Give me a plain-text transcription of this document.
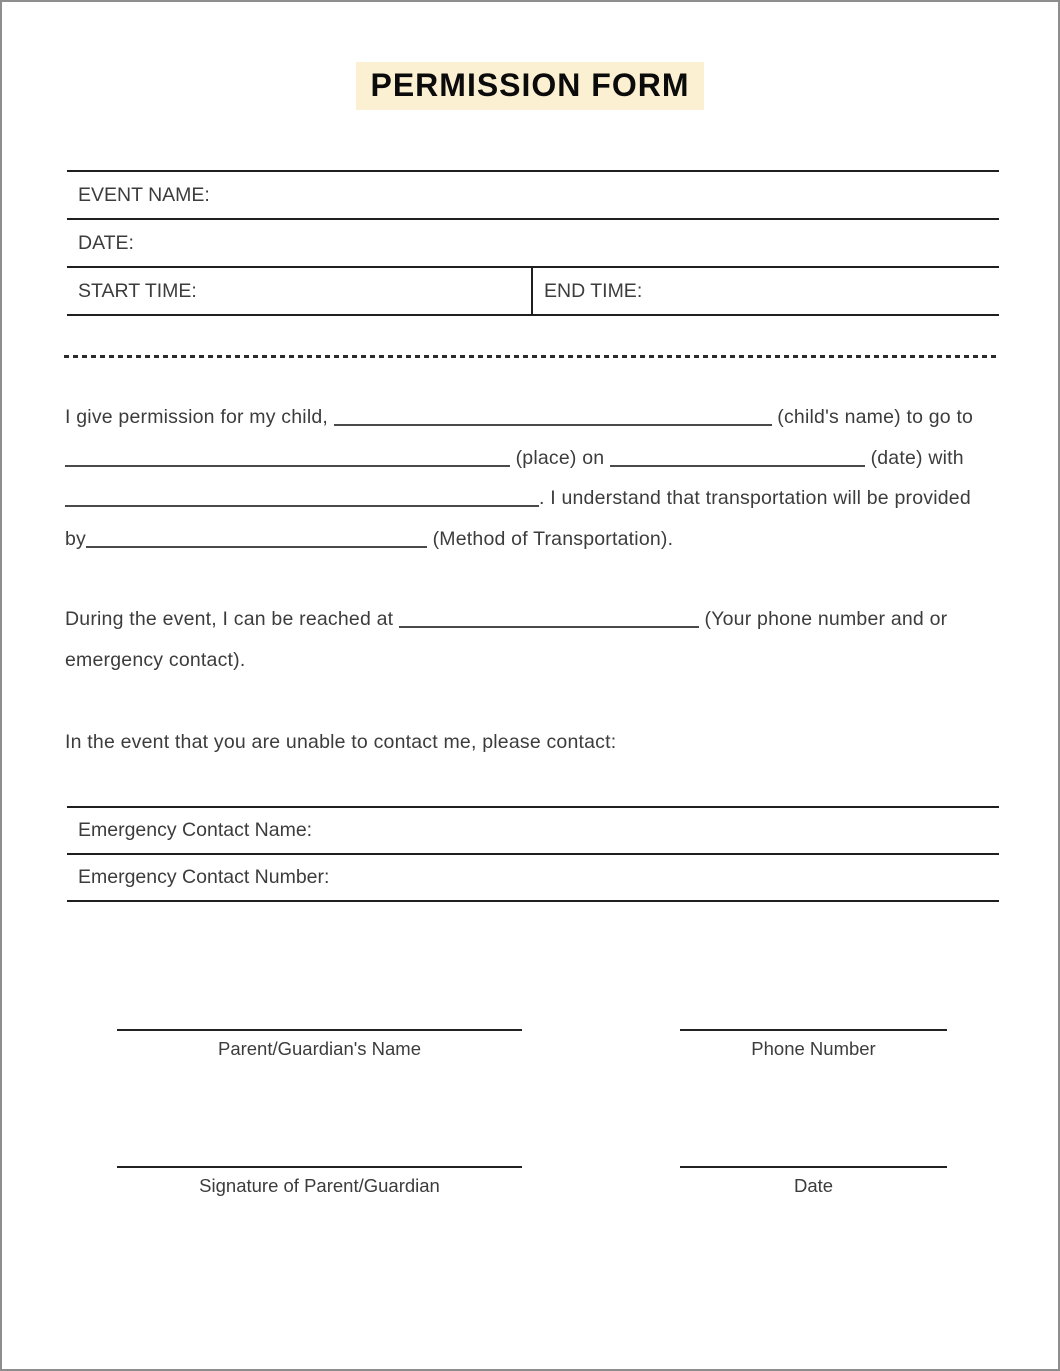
PERMISSION FORM
EVENT NAME:
DATE:
START TIME:	END TIME:
I give permission for my child,	(child's name) to go to
(place) on	(date) with
. I understand that transportation will be provided
by	(Method of Transportation).
During the event, I can be reached at	(Your phone number and or
emergency contact).
In the event that you are unable to contact me, please contact:
Emergency Contact Name:
Emergency Contact Number:
Parent/Guardian's Name	Phone Number
Signature of Parent/Guardian	Date
